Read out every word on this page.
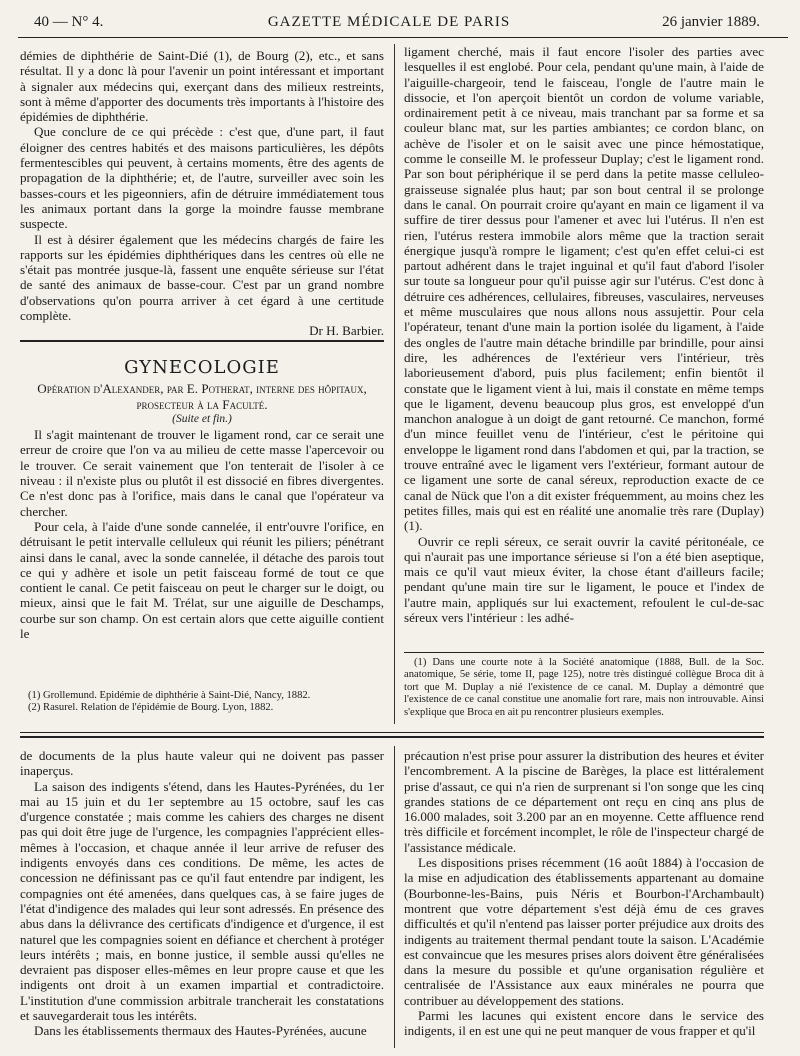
40 — N° 4.	GAZETTE MÉDICALE DE PARIS	26 janvier 1889.

démies de diphthérie de Saint-Dié (1), de Bourg (2), etc., et sans résultat. Il y a donc là pour l'avenir un point intéressant et important à signaler aux médecins qui, exerçant dans des milieux restreints, sont à même d'apporter des documents très importants à l'histoire des épidémies de diphthérie.

Que conclure de ce qui précède : c'est que, d'une part, il faut éloigner des centres habités et des maisons particulières, les dépôts fermentescibles qui peuvent, à certains moments, être des agents de propagation de la diphthérie; et, de l'autre, surveiller avec soin les basses-cours et les pigeonniers, afin de détruire immédiatement tous les animaux portant dans la gorge la moindre fausse membrane suspecte.

Il est à désirer également que les médecins chargés de faire les rapports sur les épidémies diphthériques dans les centres où elle ne s'était pas montrée jusque-là, fassent une enquête sérieuse sur l'état de santé des animaux de basse-cour. C'est par un grand nombre d'observations qu'on pourra arriver à cet égard à une certitude complète.

Dr H. Barbier.

GYNECOLOGIE

Opération d'Alexander, par E. Potherat, interne des hôpitaux, prosecteur à la Faculté.

(Suite et fin.)

Il s'agit maintenant de trouver le ligament rond, car ce serait une erreur de croire que l'on va au milieu de cette masse l'apercevoir ou le trouver. Ce serait vainement que l'on tenterait de l'isoler à ce niveau : il n'existe plus ou plutôt il est dissocié en fibres divergentes. Ce n'est donc pas à l'orifice, mais dans le canal que l'opérateur va chercher.

Pour cela, à l'aide d'une sonde cannelée, il entr'ouvre l'orifice, en détruisant le petit intervalle celluleux qui réunit les piliers; pénétrant ainsi dans le canal, avec la sonde cannelée, il détache des parois tout ce qui y adhère et isole un petit faisceau formé de tout ce que contient le canal. Ce petit faisceau on peut le charger sur le doigt, ou mieux, ainsi que le fait M. Trélat, sur une aiguille de Deschamps, courbe sur son champ. On est certain alors que cette aiguille contient le

(1) Grollemund. Epidémie de diphthérie à Saint-Dié, Nancy, 1882.

(2) Rasurel. Relation de l'épidémie de Bourg. Lyon, 1882.

ligament cherché, mais il faut encore l'isoler des parties avec lesquelles il est englobé. Pour cela, pendant qu'une main, à l'aide de l'aiguille-chargeoir, tend le faisceau, l'ongle de l'autre main le dissocie, et l'on aperçoit bientôt un cordon de volume variable, ordinairement petit à ce niveau, mais tranchant par sa forme et sa couleur blanc mat, sur les parties ambiantes; ce cordon blanc, on achève de l'isoler et on le saisit avec une pince hémostatique, comme le conseille M. le professeur Duplay; c'est le ligament rond. Par son bout périphérique il se perd dans la petite masse celluleo-graisseuse signalée plus haut; par son bout central il se prolonge dans le canal. On pourrait croire qu'ayant en main ce ligament il va suffire de tirer dessus pour l'amener et avec lui l'utérus. Il n'en est rien, l'utérus restera immobile alors même que la traction serait énergique jusqu'à rompre le ligament; c'est qu'en effet celui-ci est partout adhérent dans le trajet inguinal et qu'il faut d'abord l'isoler sur toute sa longueur pour qu'il puisse agir sur l'utérus. C'est donc à détruire ces adhérences, cellulaires, fibreuses, vasculaires, nerveuses et même musculaires que nous allons nous assujettir. Pour cela l'opérateur, tenant d'une main la portion isolée du ligament, à l'aide des ongles de l'autre main détache brindille par brindille, pour ainsi dire, les adhérences de l'extérieur vers l'intérieur, très laborieusement d'abord, puis plus facilement; enfin bientôt il constate que le ligament vient à lui, mais il constate en même temps que le ligament, devenu beaucoup plus gros, est enveloppé d'un manchon analogue à un doigt de gant retourné. Ce manchon, formé d'un mince feuillet venu de l'intérieur, c'est le péritoine qui enveloppe le ligament rond dans l'abdomen et qui, par la traction, se trouve entraîné avec le ligament vers l'extérieur, formant autour de ce ligament une sorte de canal séreux, reproduction exacte de ce canal de Nück que l'on a dit exister fréquemment, au moins chez les petites filles, mais qui est en réalité une anomalie très rare (Duplay) (1).

Ouvrir ce repli séreux, ce serait ouvrir la cavité péritonéale, ce qui n'aurait pas une importance sérieuse si l'on a été bien aseptique, mais ce qu'il vaut mieux éviter, la chose étant d'ailleurs facile; pendant qu'une main tire sur le ligament, le pouce et l'index de l'autre main, appliqués sur lui exactement, refoulent le cul-de-sac séreux vers l'intérieur : les adhé-

(1) Dans une courte note à la Société anatomique (1888, Bull. de la Soc. anatomique, 5e série, tome II, page 125), notre très distingué collègue Broca dit à tort que M. Duplay a nié l'existence de ce canal. M. Duplay a démontré que l'existence de ce canal constitue une anomalie fort rare, mais non introuvable. Ainsi s'explique que Broca en ait pu rencontrer plusieurs exemples.

de documents de la plus haute valeur qui ne doivent pas passer inaperçus.

La saison des indigents s'étend, dans les Hautes-Pyrénées, du 1er mai au 15 juin et du 1er septembre au 15 octobre, sauf les cas d'urgence constatée ; mais comme les cahiers des charges ne disent pas qui doit être juge de l'urgence, les compagnies l'apprécient elles-mêmes à l'occasion, et chaque année il leur arrive de refuser des indigents envoyés dans ces conditions. De même, les actes de concession ne définissant pas ce qu'il faut entendre par indigent, les compagnies ont été amenées, dans quelques cas, à se faire juges de l'état d'indigence des malades qui leur sont adressés. En présence des abus dans la délivrance des certificats d'indigence et d'urgence, il est naturel que les compagnies soient en défiance et cherchent à protéger leurs intérêts ; mais, en bonne justice, il semble aussi qu'elles ne devraient pas disposer elles-mêmes en leur propre cause et que les indigents ont droit à un examen impartial et contradictoire. L'institution d'une commission arbitrale trancherait les constatations et sauvegarderait tous les intérêts.

Dans les établissements thermaux des Hautes-Pyrénées, aucune

précaution n'est prise pour assurer la distribution des heures et éviter l'encombrement. A la piscine de Barèges, la place est littéralement prise d'assaut, ce qui n'a rien de surprenant si l'on songe que les cinq grandes stations de ce département ont reçu en cinq ans plus de 16.000 malades, soit 3.200 par an en moyenne. Cette affluence rend très difficile et forcément incomplet, le rôle de l'inspecteur chargé de l'assistance médicale.

Les dispositions prises récemment (16 août 1884) à l'occasion de la mise en adjudication des établissements appartenant au domaine (Bourbonne-les-Bains, puis Néris et Bourbon-l'Archambault) montrent que votre département s'est déjà ému de ces graves difficultés et qu'il n'entend pas laisser porter préjudice aux droits des indigents au traitement thermal pendant toute la saison. L'Académie est convaincue que les mesures prises alors doivent être généralisées dans la mesure du possible et qu'une organisation régulière et centralisée de l'Assistance aux eaux minérales ne pourra que contribuer au développement des stations.

Parmi les lacunes qui existent encore dans le service des indigents, il en est une qui ne peut manquer de vous frapper et qu'il
